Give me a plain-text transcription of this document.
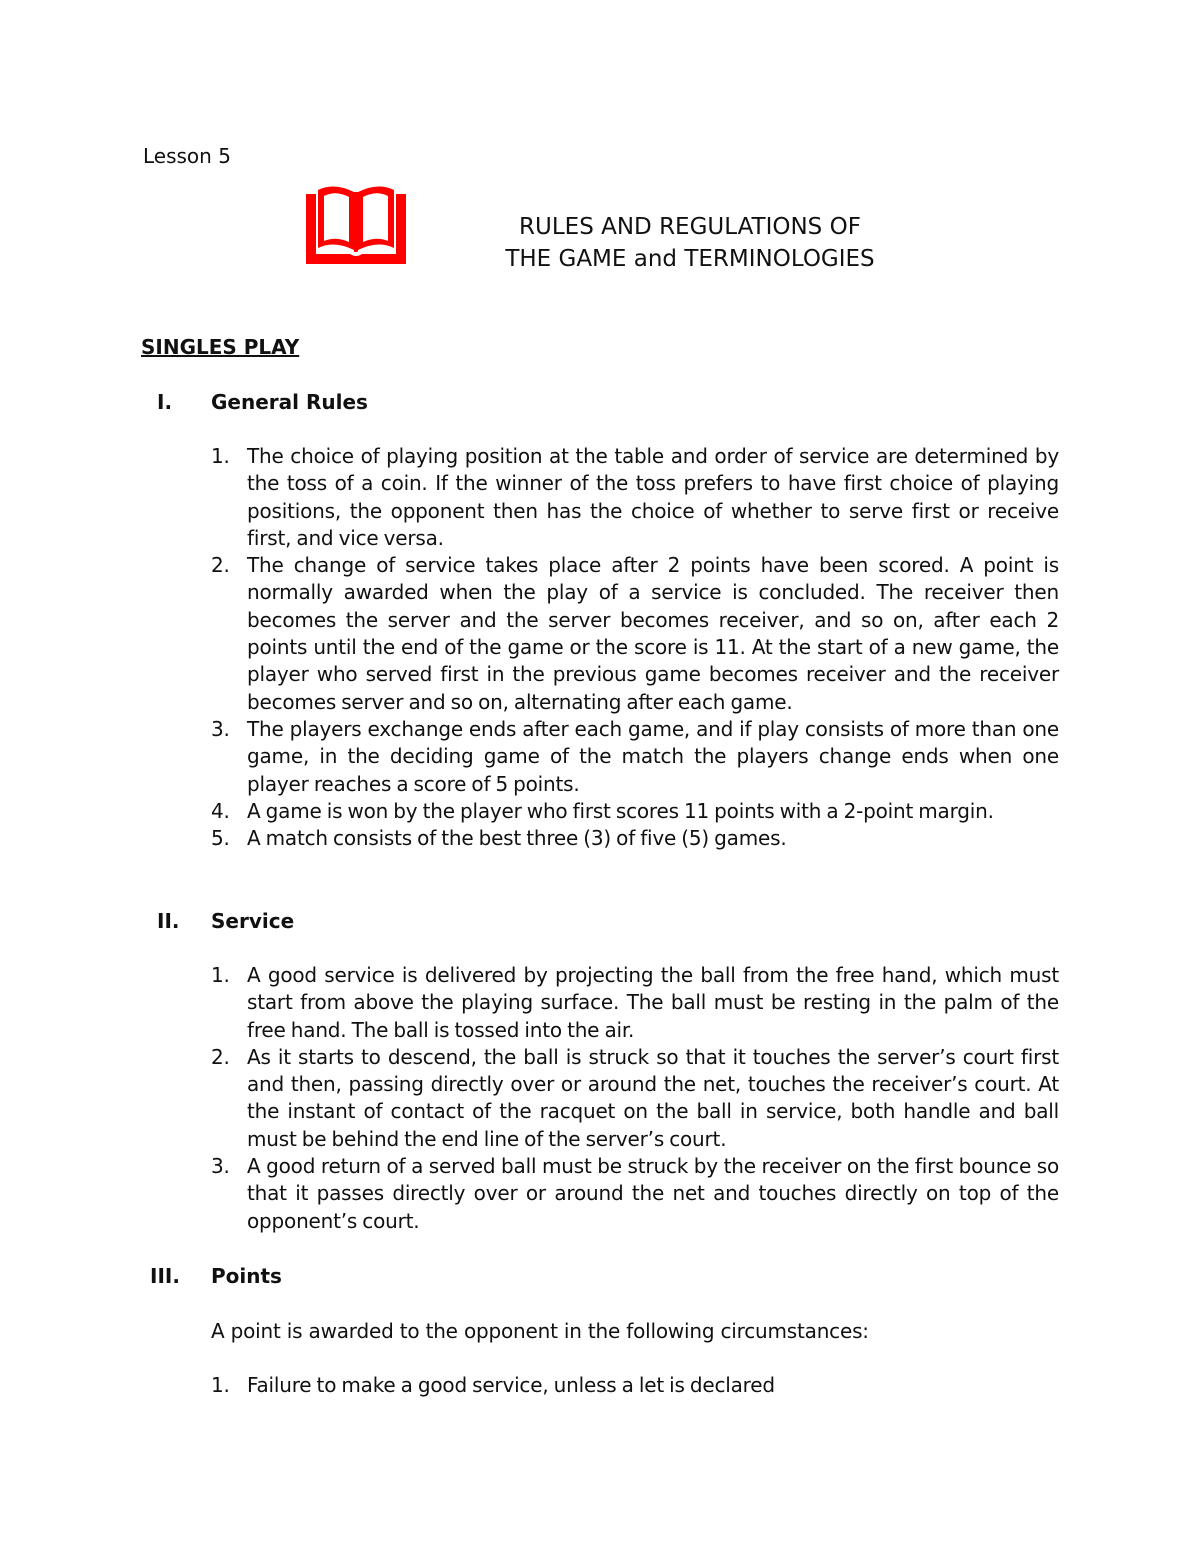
Lesson 5
RULES AND REGULATIONS OF
THE GAME and TERMINOLOGIES
SINGLES PLAY
I. General Rules
1. The choice of playing position at the table and order of service are determined by the toss of a coin. If the winner of the toss prefers to have first choice of playing positions, the opponent then has the choice of whether to serve first or receive first, and vice versa.
2. The change of service takes place after 2 points have been scored. A point is normally awarded when the play of a service is concluded. The receiver then becomes the server and the server becomes receiver, and so on, after each 2 points until the end of the game or the score is 11. At the start of a new game, the player who served first in the previous game becomes receiver and the receiver becomes server and so on, alternating after each game.
3. The players exchange ends after each game, and if play consists of more than one game, in the deciding game of the match the players change ends when one player reaches a score of 5 points.
4. A game is won by the player who first scores 11 points with a 2-point margin.
5. A match consists of the best three (3) of five (5) games.
II. Service
1. A good service is delivered by projecting the ball from the free hand, which must start from above the playing surface. The ball must be resting in the palm of the free hand. The ball is tossed into the air.
2. As it starts to descend, the ball is struck so that it touches the server’s court first and then, passing directly over or around the net, touches the receiver’s court. At the instant of contact of the racquet on the ball in service, both handle and ball must be behind the end line of the server’s court.
3. A good return of a served ball must be struck by the receiver on the first bounce so that it passes directly over or around the net and touches directly on top of the opponent’s court.
III. Points
A point is awarded to the opponent in the following circumstances:
1. Failure to make a good service, unless a let is declared
